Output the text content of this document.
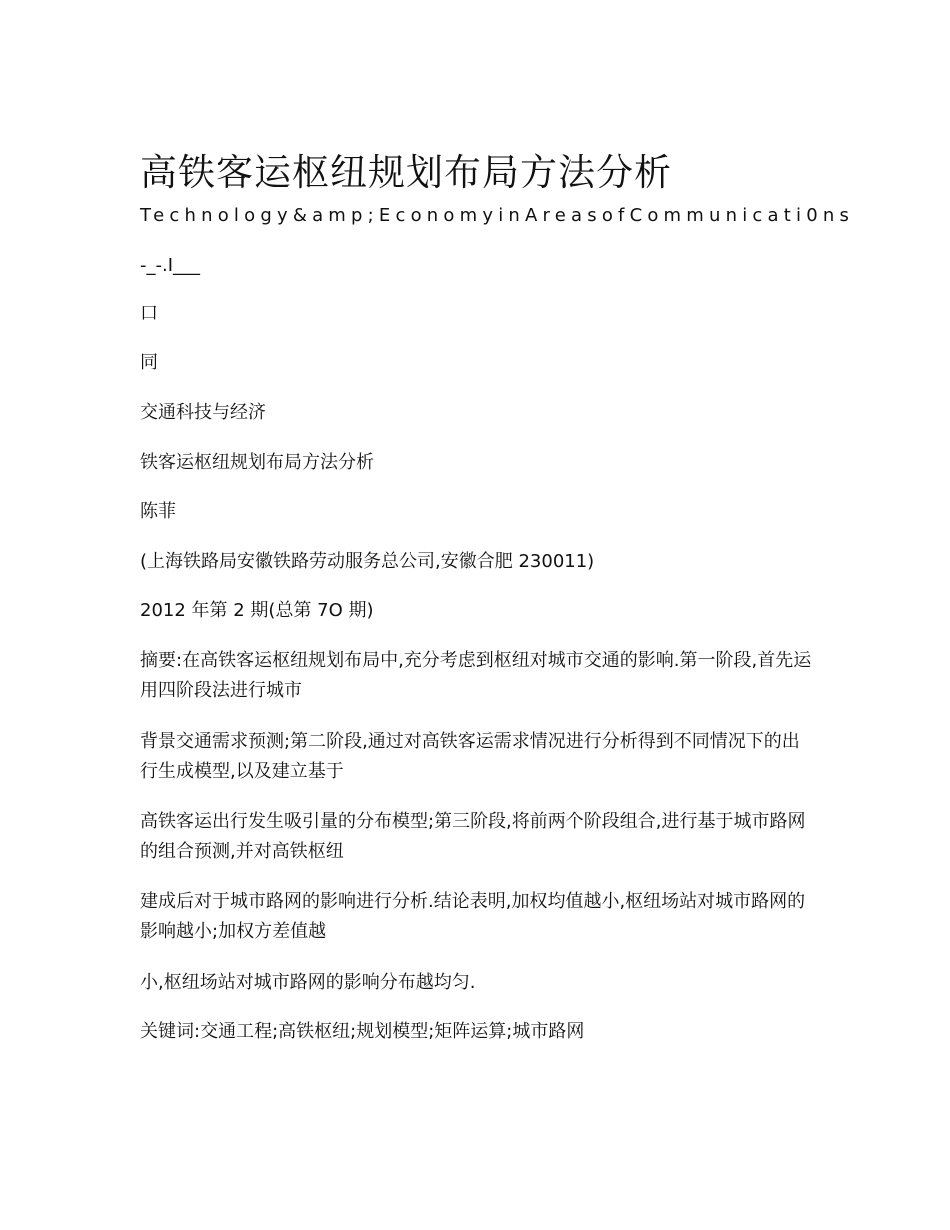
高铁客运枢纽规划布局方法分析
Technology&amp;EconomyinAreasofCommunicati0ns
-_-.I___
口
同
交通科技与经济
铁客运枢纽规划布局方法分析
陈菲
(上海铁路局安徽铁路劳动服务总公司,安徽合肥 230011)
2012 年第 2 期(总第 7O 期)
摘要:在高铁客运枢纽规划布局中,充分考虑到枢纽对城市交通的影响.第一阶段,首先运用四阶段法进行城市
背景交通需求预测;第二阶段,通过对高铁客运需求情况进行分析得到不同情况下的出行生成模型,以及建立基于
高铁客运出行发生吸引量的分布模型;第三阶段,将前两个阶段组合,进行基于城市路网的组合预测,并对高铁枢纽
建成后对于城市路网的影响进行分析.结论表明,加权均值越小,枢纽场站对城市路网的影响越小;加权方差值越
小,枢纽场站对城市路网的影响分布越均匀.
关键词:交通工程;高铁枢纽;规划模型;矩阵运算;城市路网
